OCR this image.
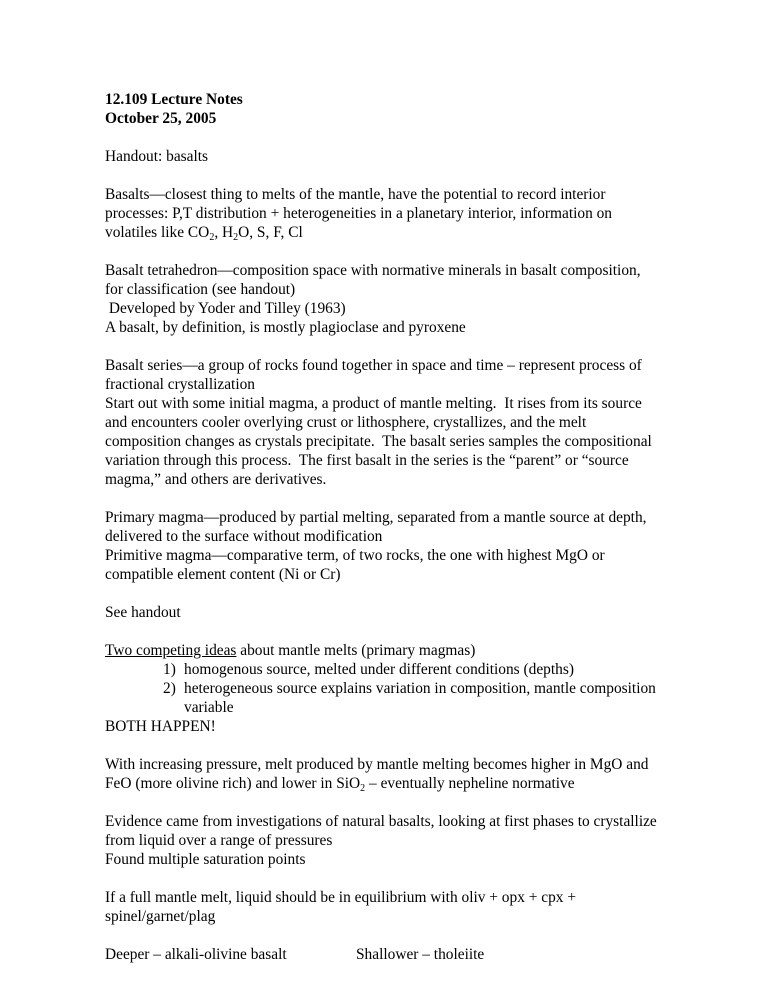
12.109 Lecture Notes
October 25, 2005
Handout: basalts
Basalts—closest thing to melts of the mantle, have the potential to record interior
processes: P,T distribution + heterogeneities in a planetary interior, information on
volatiles like $CO_2$, $H_2O$, S, F, Cl
Basalt tetrahedron—composition space with normative minerals in basalt composition,
for classification (see handout)
Developed by Yoder and Tilley (1963)
A basalt, by definition, is mostly plagioclase and pyroxene
Basalt series—a group of rocks found together in space and time – represent process of
fractional crystallization
Start out with some initial magma, a product of mantle melting.  It rises from its source
and encounters cooler overlying crust or lithosphere, crystallizes, and the melt
composition changes as crystals precipitate.  The basalt series samples the compositional
variation through this process.  The first basalt in the series is the “parent” or “source
magma,” and others are derivatives.
Primary magma—produced by partial melting, separated from a mantle source at depth,
delivered to the surface without modification
Primitive magma—comparative term, of two rocks, the one with highest MgO or
compatible element content (Ni or Cr)
See handout
Two competing ideas about mantle melts (primary magmas)
1) homogenous source, melted under different conditions (depths)
2) heterogeneous source explains variation in composition, mantle composition
variable
BOTH HAPPEN!
With increasing pressure, melt produced by mantle melting becomes higher in MgO and
FeO (more olivine rich) and lower in SiO$_2$ – eventually nepheline normative
Evidence came from investigations of natural basalts, looking at first phases to crystallize
from liquid over a range of pressures
Found multiple saturation points
If a full mantle melt, liquid should be in equilibrium with oliv + opx + cpx +
spinel/garnet/plag
Deeper – alkali-olivine basalt	Shallower – tholeiite
